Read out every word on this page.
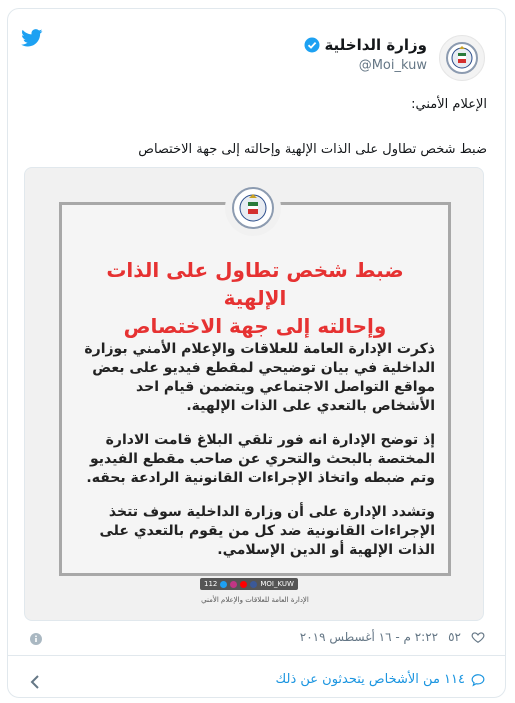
وزارة الداخلية
@Moi_kuw

الإعلام الأمني:

ضبط شخص تطاول على الذات الإلهية وإحالته إلى جهة الاختصاص

ضبط شخص تطاول على الذات الإلهية
وإحالته إلى جهة الاختصاص

ذكرت الإدارة العامة للعلاقات والإعلام الأمني بوزارة الداخلية في بيان توضيحي لمقطع فيديو على بعض مواقع التواصل الاجتماعي ويتضمن قيام احد الأشخاص بالتعدي على الذات الإلهية.

إذ توضح الإدارة انه فور تلقي البلاغ قامت الادارة المختصة بالبحث والتحري عن صاحب مقطع الفيديو وتم ضبطه واتخاذ الإجراءات القانونية الرادعة بحقه.

وتشدد الإدارة على أن وزارة الداخلية سوف تتخذ الإجراءات القانونية ضد كل من يقوم بالتعدي على الذات الإلهية أو الدين الإسلامي.

112	MOI_KUW
الإدارة العامة للعلاقات والإعلام الأمني
٥٢
٢:٢٢ م - ١٦ أغسطس ٢٠١٩
١١٤ من الأشخاص يتحدثون عن ذلك
